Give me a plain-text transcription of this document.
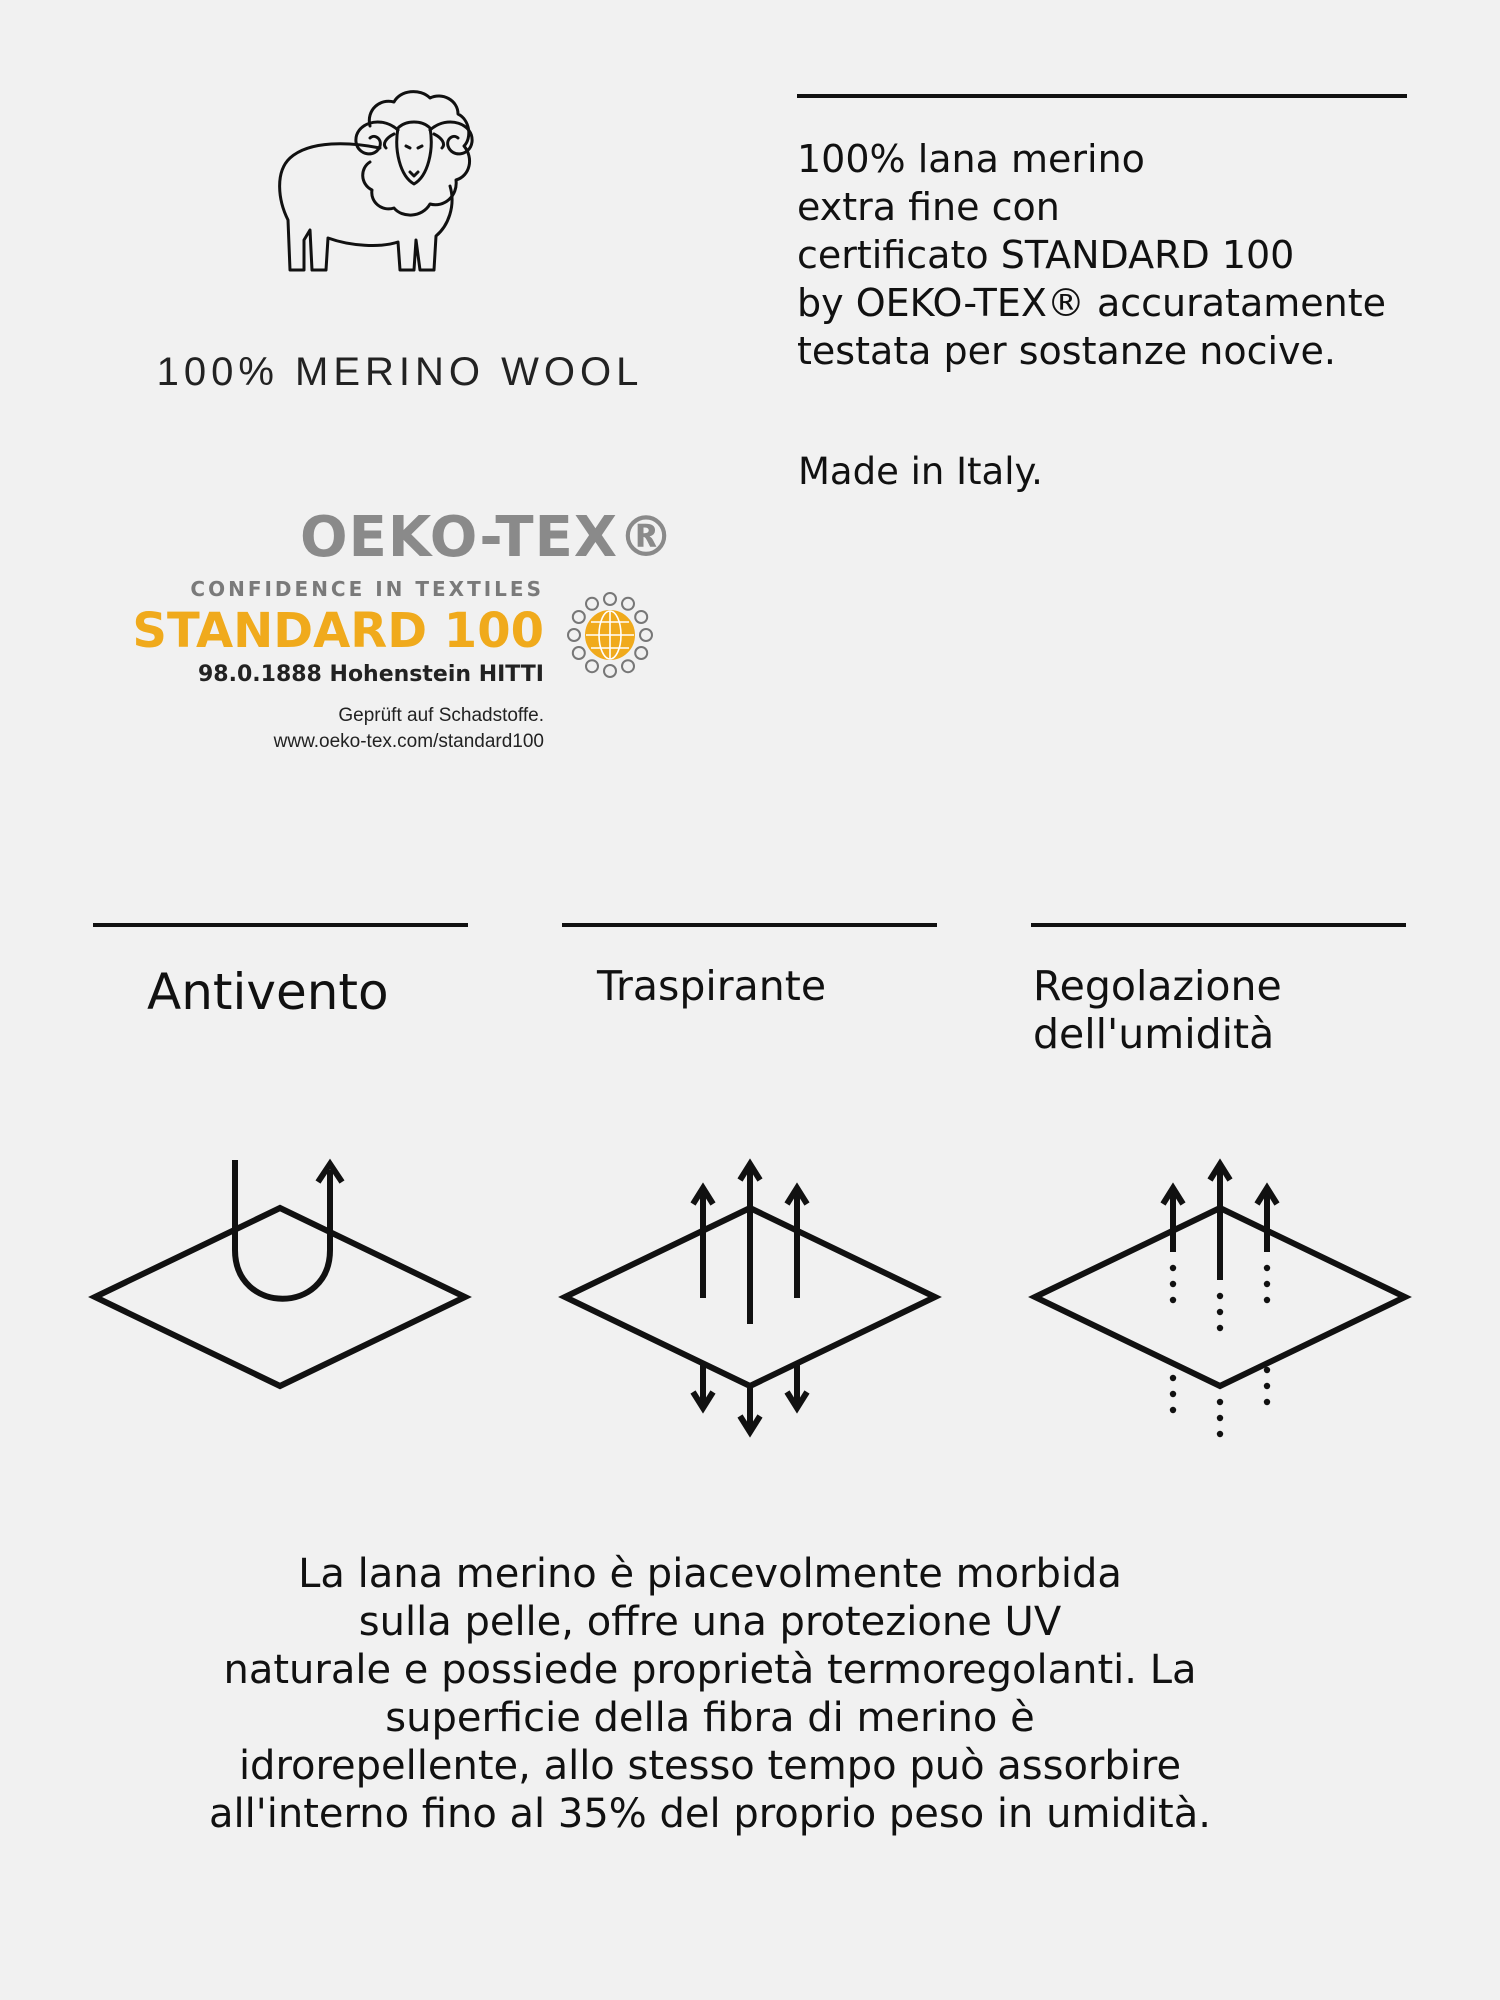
100% MERINO WOOL
OEKO-TEX®
CONFIDENCE IN TEXTILES
STANDARD 100
98.0.1888 Hohenstein HITTI
Geprüft auf Schadstoffe.
www.oeko-tex.com/standard100
100% lana merino
extra fine con
certificato STANDARD 100
by OEKO-TEX® accuratamente
testata per sostanze nocive.
Made in Italy.
Antivento	Traspirante	Regolazione
dell'umidità
La lana merino è piacevolmente morbida
sulla pelle, offre una protezione UV
naturale e possiede proprietà termoregolanti. La
superficie della fibra di merino è
idrorepellente, allo stesso tempo può assorbire
all'interno fino al 35% del proprio peso in umidità.
